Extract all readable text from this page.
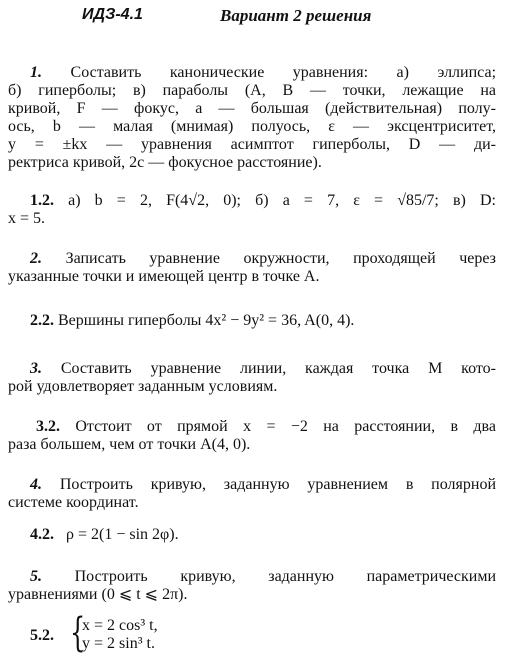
ИДЗ-4.1	Вариант 2 решения
1. Составить канонические уравнения: а) эллипса;
б) гиперболы; в) параболы (A, B — точки, лежащие на
кривой, F — фокус, a — большая (действительная) полу-
ось, b — малая (мнимая) полуось, ε — эксцентриситет,
y = ±kx — уравнения асимптот гиперболы, D — ди-
ректриса кривой, 2c — фокусное расстояние).
1.2. а) b = 2, F(4√2, 0); б) a = 7, ε = √85/7; в) D:
x = 5.
2. Записать уравнение окружности, проходящей через
указанные точки и имеющей центр в точке A.
2.2. Вершины гиперболы 4x² − 9y² = 36, A(0, 4).
3. Составить уравнение линии, каждая точка M кото-
рой удовлетворяет заданным условиям.
3.2. Отстоит от прямой x = −2 на расстоянии, в два
раза большем, чем от точки A(4, 0).
4. Построить кривую, заданную уравнением в полярной
системе координат.
4.2. ρ = 2(1 − sin 2φ).
5. Построить кривую, заданную параметрическими
уравнениями (0 ⩽ t ⩽ 2π).
5.2. {
x = 2 cos³ t,
y = 2 sin³ t.
